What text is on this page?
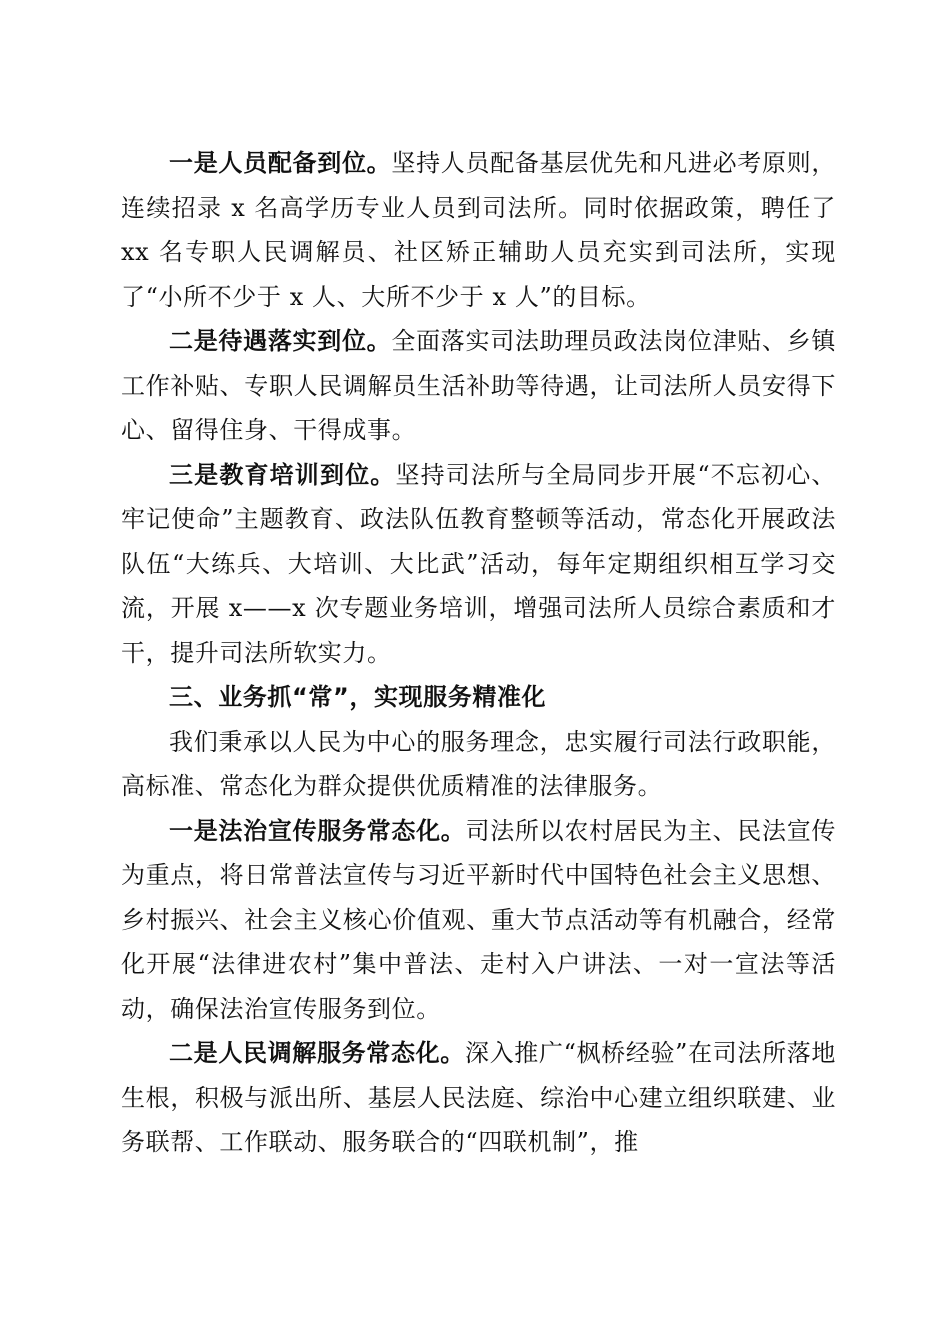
一是人员配备到位。坚持人员配备基层优先和凡进必考原则，连续招录 x 名高学历专业人员到司法所。同时依据政策，聘任了 xx 名专职人民调解员、社区矫正辅助人员充实到司法所，实现了“小所不少于 x 人、大所不少于 x 人”的目标。

二是待遇落实到位。全面落实司法助理员政法岗位津贴、乡镇工作补贴、专职人民调解员生活补助等待遇，让司法所人员安得下心、留得住身、干得成事。

三是教育培训到位。坚持司法所与全局同步开展“不忘初心、牢记使命”主题教育、政法队伍教育整顿等活动，常态化开展政法队伍“大练兵、大培训、大比武”活动，每年定期组织相互学习交流，开展 x——x 次专题业务培训，增强司法所人员综合素质和才干，提升司法所软实力。

三、业务抓“常”，实现服务精准化

我们秉承以人民为中心的服务理念，忠实履行司法行政职能，高标准、常态化为群众提供优质精准的法律服务。

一是法治宣传服务常态化。司法所以农村居民为主、民法宣传为重点，将日常普法宣传与习近平新时代中国特色社会主义思想、乡村振兴、社会主义核心价值观、重大节点活动等有机融合，经常化开展“法律进农村”集中普法、走村入户讲法、一对一宣法等活动，确保法治宣传服务到位。

二是人民调解服务常态化。深入推广“枫桥经验”在司法所落地生根，积极与派出所、基层人民法庭、综治中心建立组织联建、业务联帮、工作联动、服务联合的“四联机制”，推
